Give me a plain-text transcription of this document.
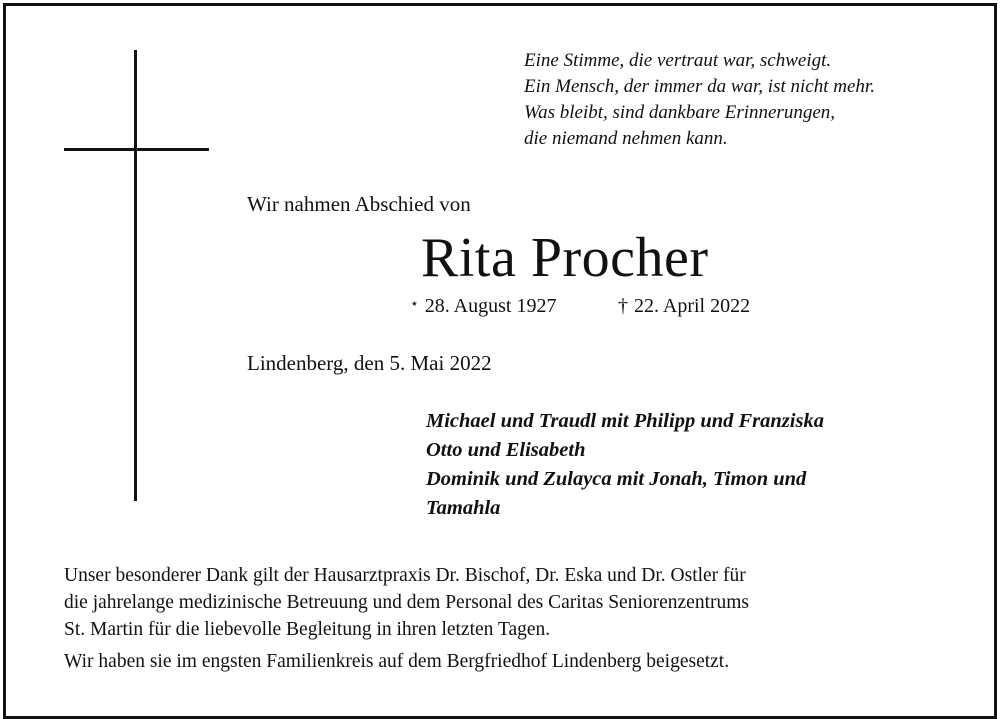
Eine Stimme, die vertraut war, schweigt.
Ein Mensch, der immer da war, ist nicht mehr.
Was bleibt, sind dankbare Erinnerungen,
die niemand nehmen kann.
Wir nahmen Abschied von
Rita Procher
⋆ 28. August 1927	† 22. April 2022
Lindenberg, den 5. Mai 2022
Michael und Traudl mit Philipp und Franziska
Otto und Elisabeth
Dominik und Zulayca mit Jonah, Timon und
Tamahla
Unser besonderer Dank gilt der Hausarztpraxis Dr. Bischof, Dr. Eska und Dr. Ostler für
die jahrelange medizinische Betreuung und dem Personal des Caritas Seniorenzentrums
St. Martin für die liebevolle Begleitung in ihren letzten Tagen.
Wir haben sie im engsten Familienkreis auf dem Bergfriedhof Lindenberg beigesetzt.
